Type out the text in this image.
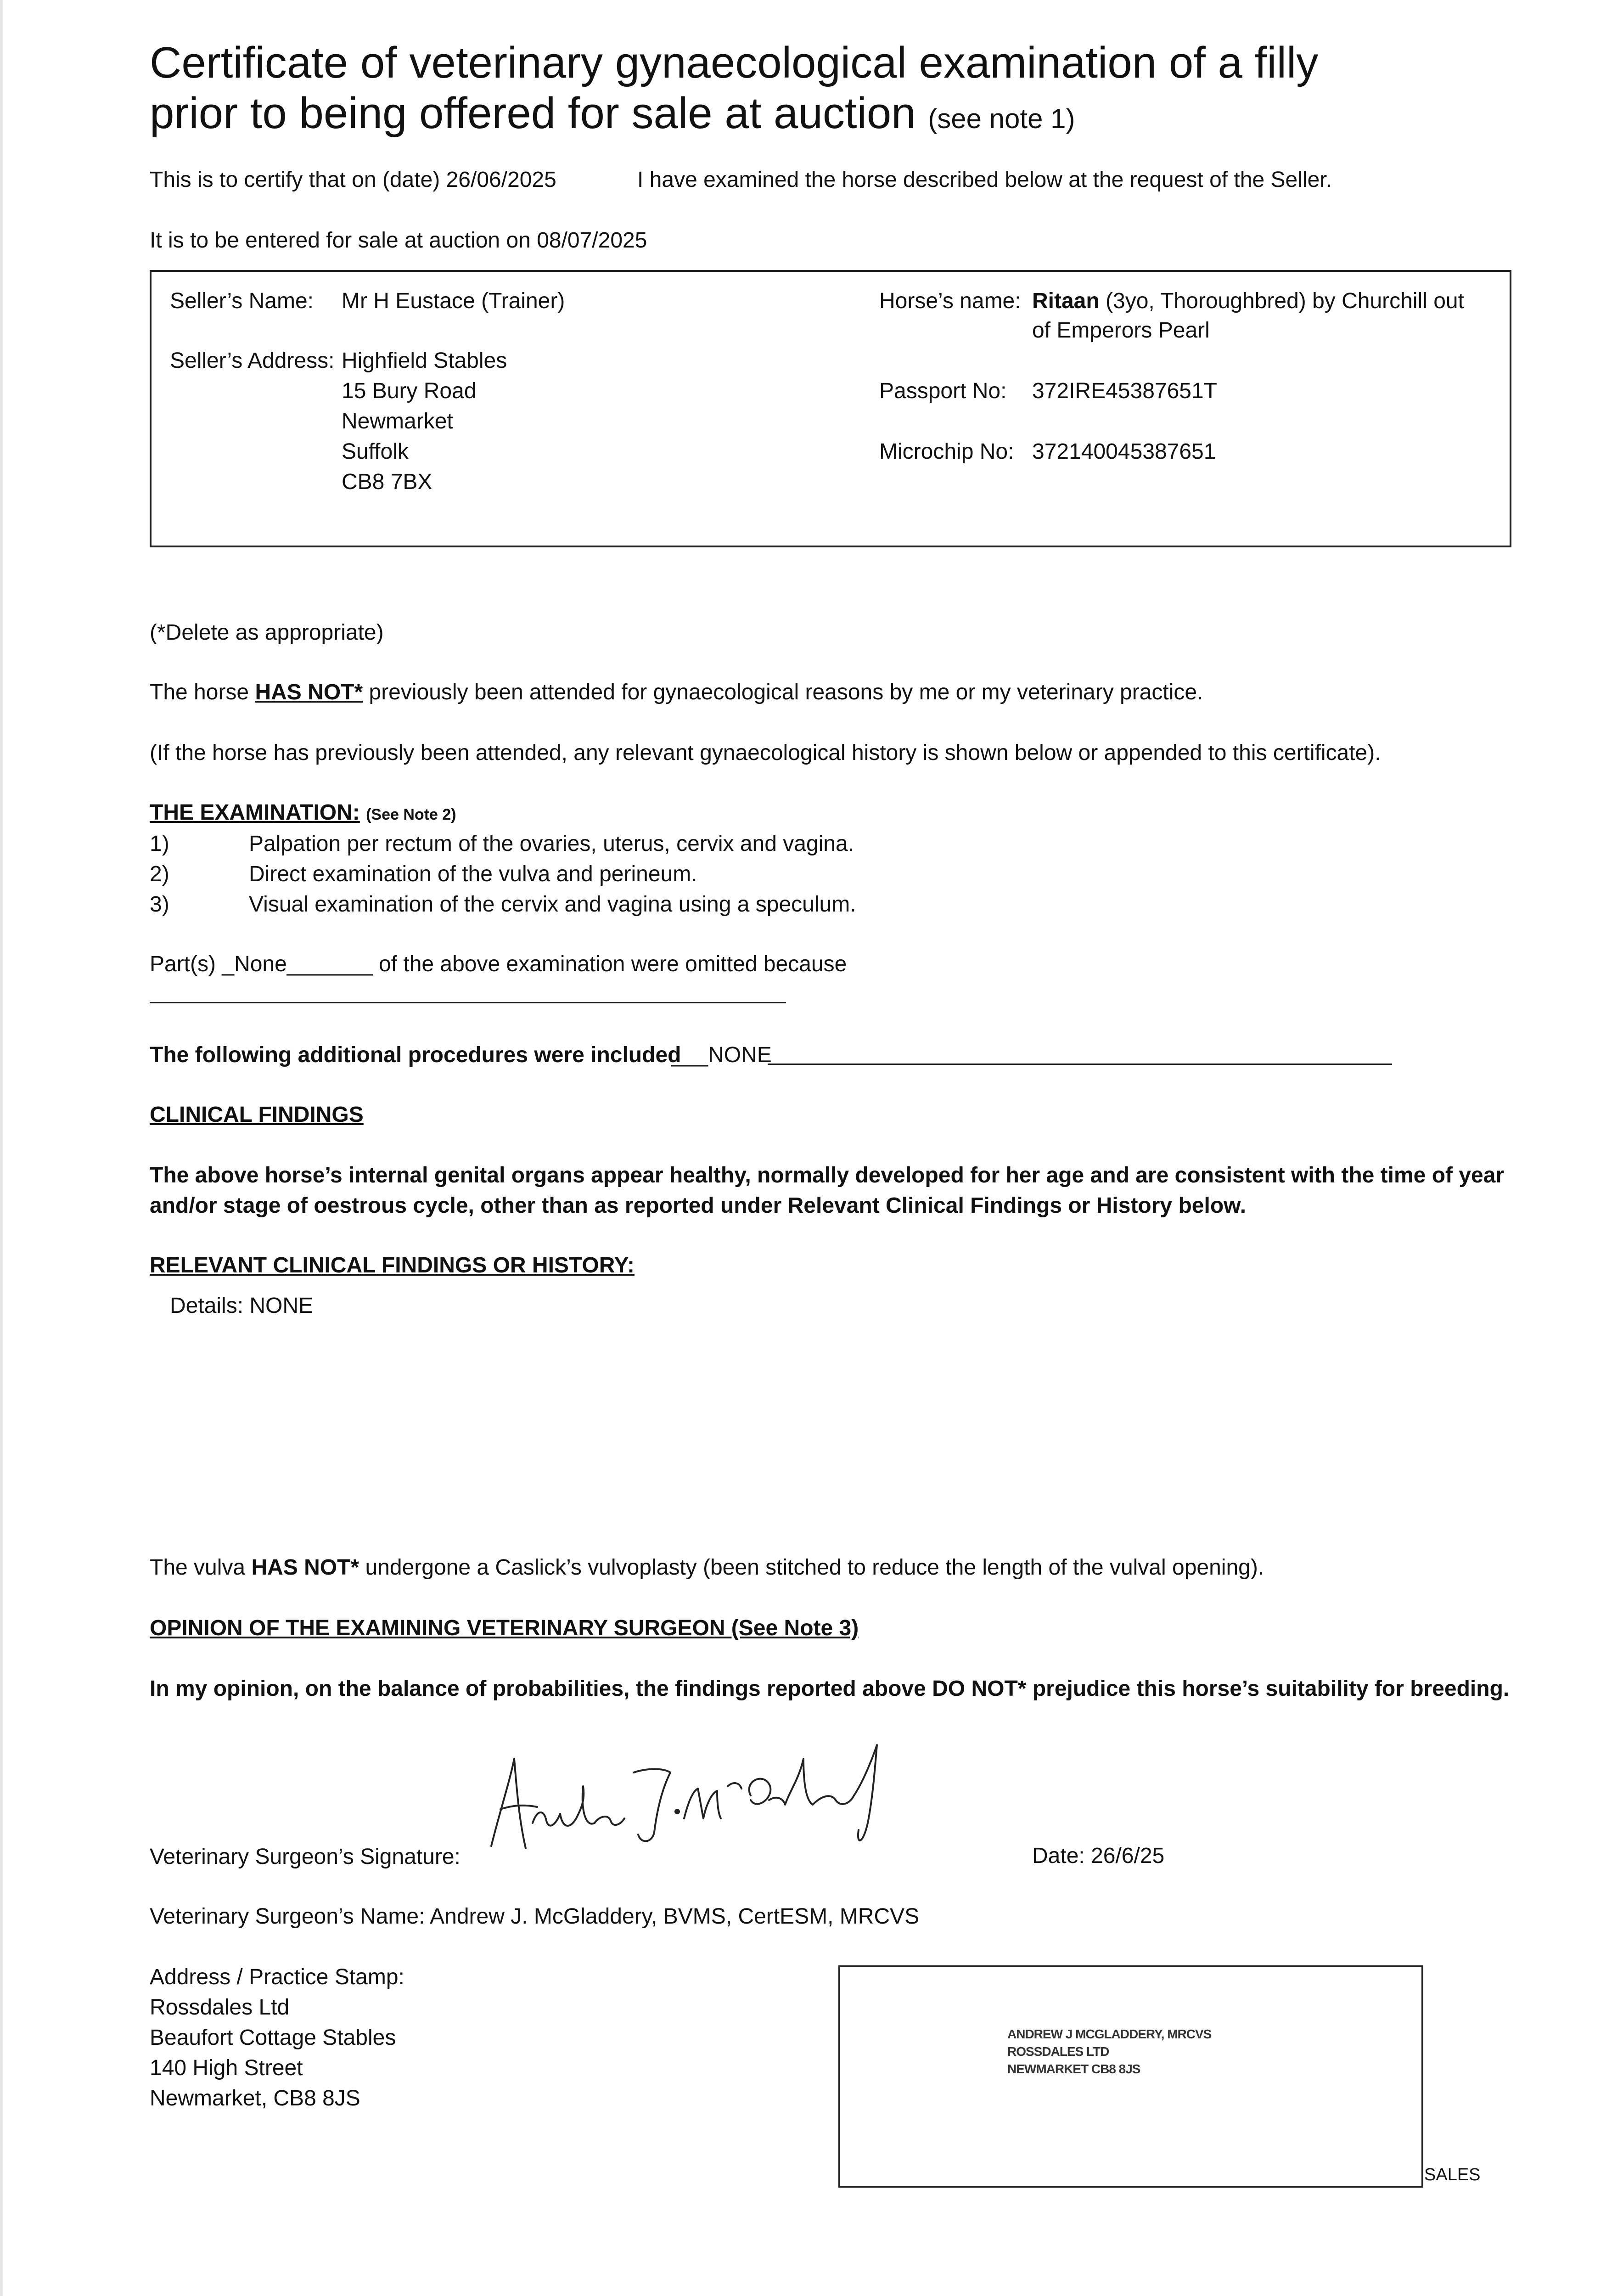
Certificate of veterinary gynaecological examination of a filly
prior to being offered for sale at auction (see note 1)
This is to certify that on (date) 26/06/2025	I have examined the horse described below at the request of the Seller.
It is to be entered for sale at auction on 08/07/2025
Seller’s Name: Mr H Eustace (Trainer)
Seller’s Address: Highfield Stables
15 Bury Road
Newmarket
Suffolk
CB8 7BX
Horse’s name: Ritaan (3yo, Thoroughbred) by Churchill out
of Emperors Pearl
Passport No: 372IRE45387651T
Microchip No: 372140045387651
(*Delete as appropriate)
The horse HAS NOT* previously been attended for gynaecological reasons by me or my veterinary practice.
(If the horse has previously been attended, any relevant gynaecological history is shown below or appended to this certificate).
THE EXAMINATION: (See Note 2)
1)	Palpation per rectum of the ovaries, uterus, cervix and vagina.
2)	Direct examination of the vulva and perineum.
3)	Visual examination of the cervix and vagina using a speculum.
Part(s) _None_______ of the above examination were omitted because
The following additional procedures were included
___NONE
CLINICAL FINDINGS
The above horse’s internal genital organs appear healthy, normally developed for her age and are consistent with the time of year
and/or stage of oestrous cycle, other than as reported under Relevant Clinical Findings or History below.
RELEVANT CLINICAL FINDINGS OR HISTORY:
Details: NONE
The vulva HAS NOT* undergone a Caslick’s vulvoplasty (been stitched to reduce the length of the vulval opening).
OPINION OF THE EXAMINING VETERINARY SURGEON (See Note 3)
In my opinion, on the balance of probabilities, the findings reported above DO NOT* prejudice this horse’s suitability for breeding.
Veterinary Surgeon’s Signature:	Date: 26/6/25
Veterinary Surgeon’s Name: Andrew J. McGladdery, BVMS, CertESM, MRCVS
Address / Practice Stamp:
Rossdales Ltd
Beaufort Cottage Stables
140 High Street
Newmarket, CB8 8JS
ANDREW J MCGLADDERY, MRCVS
ROSSDALES LTD
NEWMARKET CB8 8JS
SALES
